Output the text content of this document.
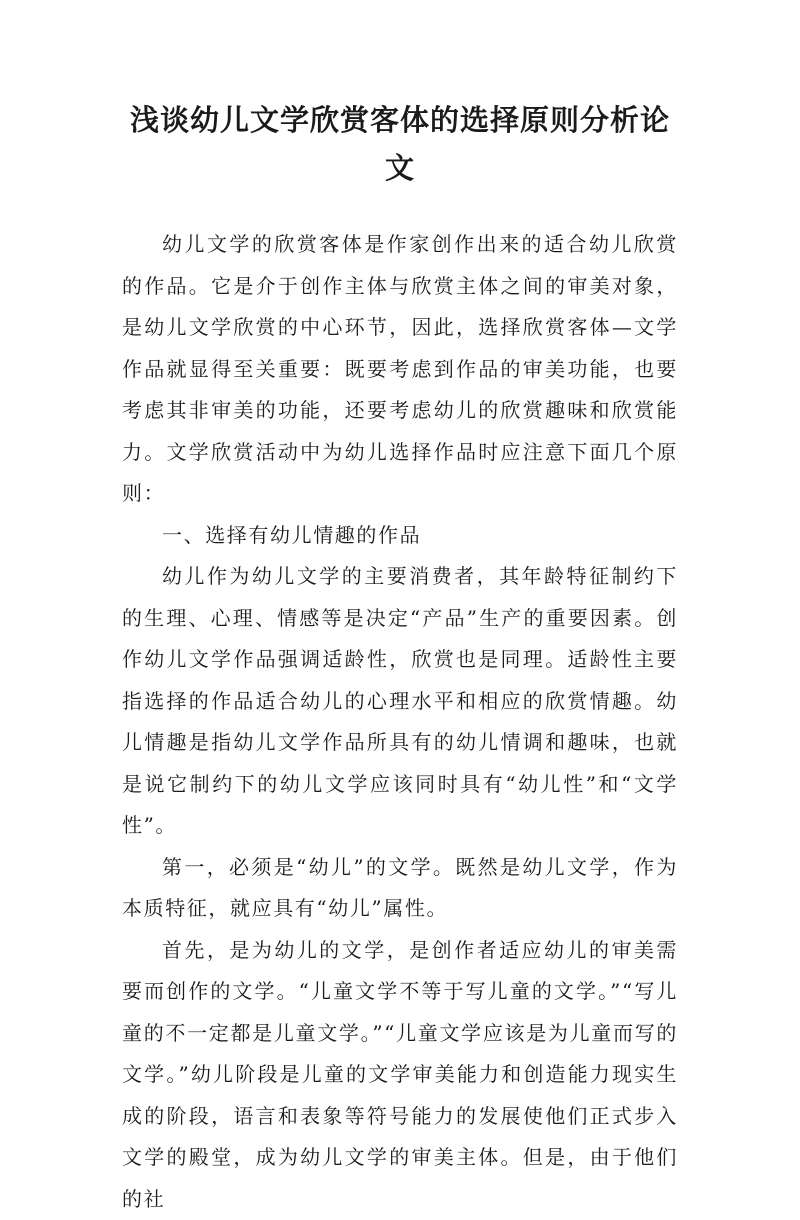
浅谈幼儿文学欣赏客体的选择原则分析论文

幼儿文学的欣赏客体是作家创作出来的适合幼儿欣赏的作品。它是介于创作主体与欣赏主体之间的审美对象，是幼儿文学欣赏的中心环节，因此，选择欣赏客体—文学作品就显得至关重要：既要考虑到作品的审美功能，也要考虑其非审美的功能，还要考虑幼儿的欣赏趣味和欣赏能力。文学欣赏活动中为幼儿选择作品时应注意下面几个原则：

一、选择有幼儿情趣的作品

幼儿作为幼儿文学的主要消费者，其年龄特征制约下的生理、心理、情感等是决定“产品”生产的重要因素。创作幼儿文学作品强调适龄性，欣赏也是同理。适龄性主要指选择的作品适合幼儿的心理水平和相应的欣赏情趣。幼儿情趣是指幼儿文学作品所具有的幼儿情调和趣味，也就是说它制约下的幼儿文学应该同时具有“幼儿性”和“文学性”。

第一，必须是“幼儿”的文学。既然是幼儿文学，作为本质特征，就应具有“幼儿”属性。

首先，是为幼儿的文学，是创作者适应幼儿的审美需要而创作的文学。“儿童文学不等于写儿童的文学。”“写儿童的不一定都是儿童文学。”“儿童文学应该是为儿童而写的文学。”幼儿阶段是儿童的文学审美能力和创造能力现实生成的阶段，语言和表象等符号能力的发展使他们正式步入文学的殿堂，成为幼儿文学的审美主体。但是，由于他们的社
